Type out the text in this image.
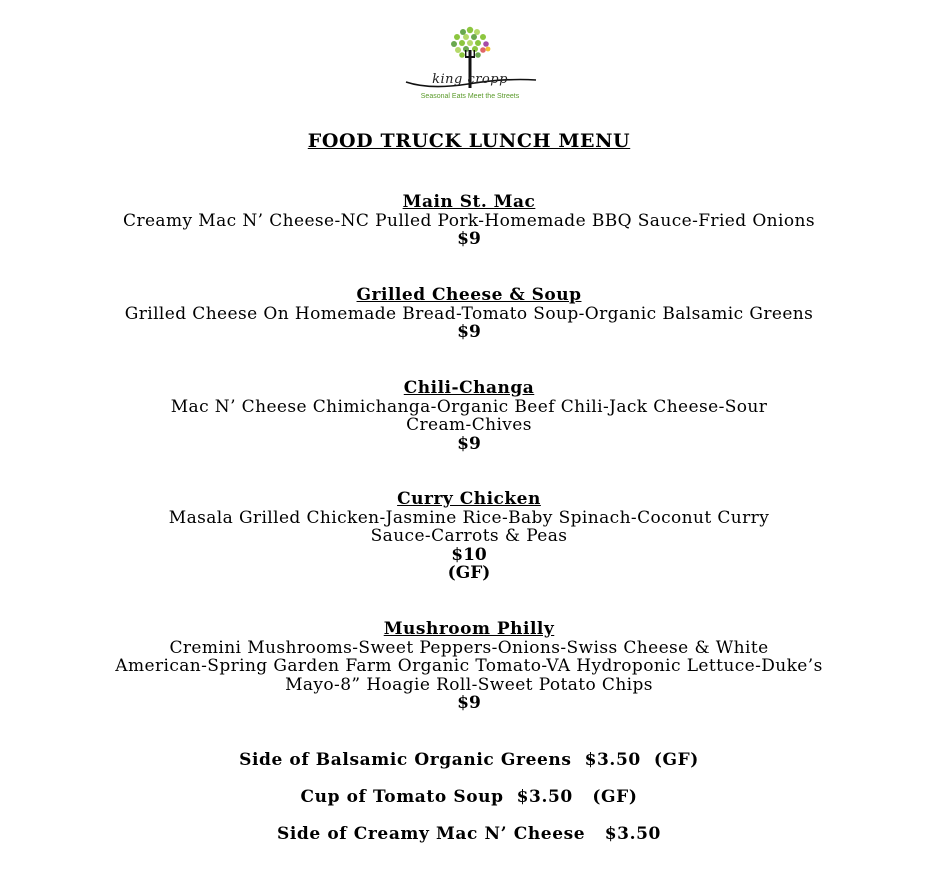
king cropp
Seasonal Eats Meet the Streets
FOOD TRUCK LUNCH MENU
Main St. Mac
Creamy Mac N’ Cheese-NC Pulled Pork-Homemade BBQ Sauce-Fried Onions
$9
Grilled Cheese & Soup
Grilled Cheese On Homemade Bread-Tomato Soup-Organic Balsamic Greens
$9
Chili-Changa
Mac N’ Cheese Chimichanga-Organic Beef Chili-Jack Cheese-Sour
Cream-Chives
$9
Curry Chicken
Masala Grilled Chicken-Jasmine Rice-Baby Spinach-Coconut Curry
Sauce-Carrots & Peas
$10
(GF)
Mushroom Philly
Cremini Mushrooms-Sweet Peppers-Onions-Swiss Cheese & White
American-Spring Garden Farm Organic Tomato-VA Hydroponic Lettuce-Duke’s
Mayo-8” Hoagie Roll-Sweet Potato Chips
$9
Side of Balsamic Organic Greens  $3.50  (GF)
Cup of Tomato Soup  $3.50   (GF)
Side of Creamy Mac N’ Cheese   $3.50
